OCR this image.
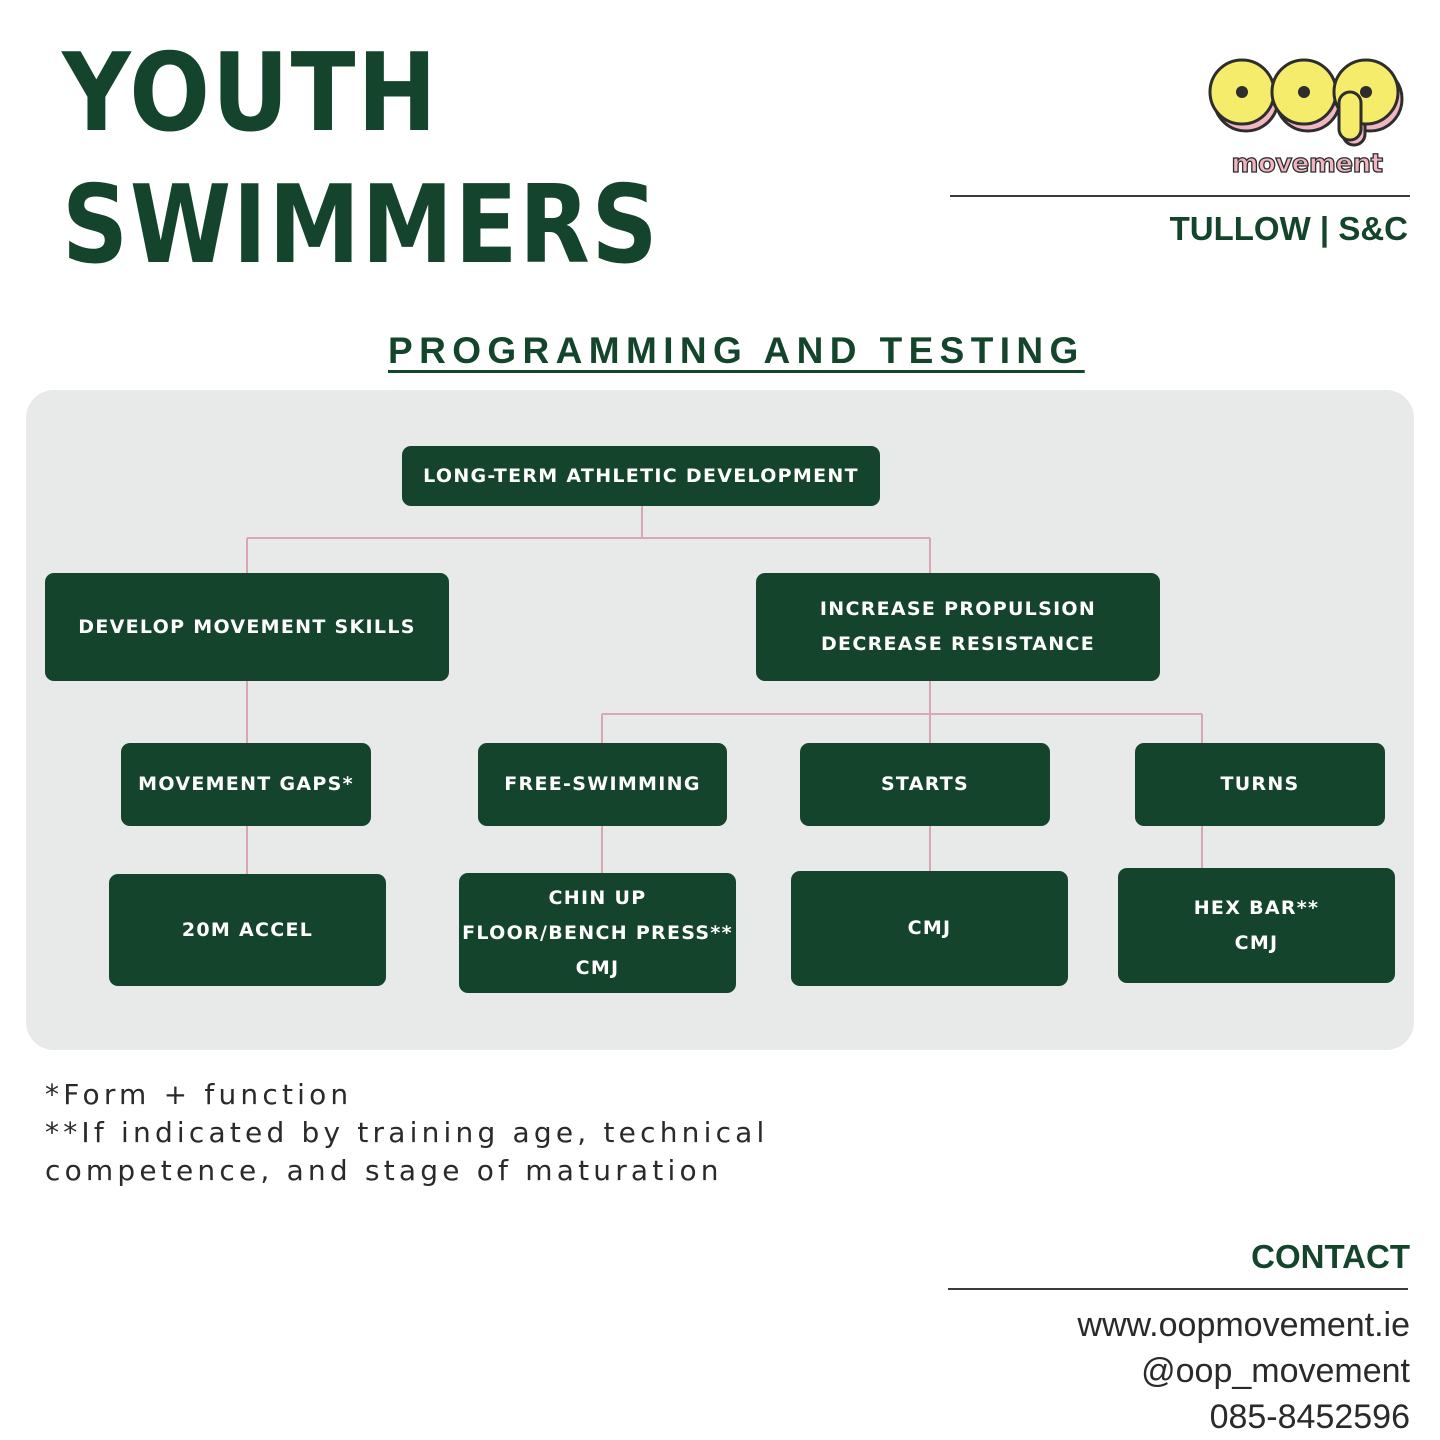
YOUTH
SWIMMERS	movement
TULLOW | S&C
PROGRAMMING AND TESTING
LONG-TERM ATHLETIC DEVELOPMENT
DEVELOP MOVEMENT SKILLS
INCREASE PROPULSION
DECREASE RESISTANCE
MOVEMENT GAPS*	FREE-SWIMMING	STARTS	TURNS
20M ACCEL
CHIN UP
FLOOR/BENCH PRESS**
CMJ
CMJ
HEX BAR**
CMJ
*Form + function
**If indicated by training age, technical
competence, and stage of maturation
CONTACT
www.oopmovement.ie
@oop_movement
085-8452596
